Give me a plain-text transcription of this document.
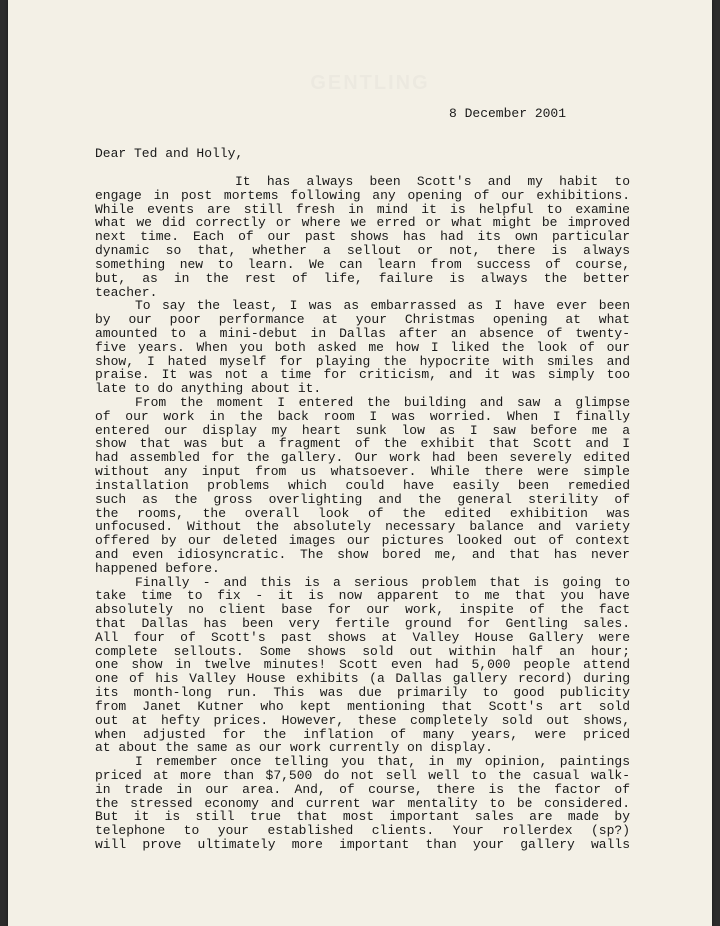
GENTLING
8 December 2001
Dear Ted and Holly,
It has always been Scott's and my habit to
engage in post mortems following any opening of our exhibitions.
While events are still fresh in mind it is helpful to examine
what we did correctly or where we erred or what might be improved
next time. Each of our past shows has had its own particular
dynamic so that, whether a sellout or not, there is always
something new to learn. We can learn from success of course,
but, as in the rest of life, failure is always the better
teacher.
To say the least, I was as embarrassed as I have ever been
by our poor performance at your Christmas opening at what
amounted to a mini-debut in Dallas after an absence of twenty-
five years. When you both asked me how I liked the look of our
show, I hated myself for playing the hypocrite with smiles and
praise. It was not a time for criticism, and it was simply too
late to do anything about it.
From the moment I entered the building and saw a glimpse
of our work in the back room I was worried. When I finally
entered our display my heart sunk low as I saw before me a
show that was but a fragment of the exhibit that Scott and I
had assembled for the gallery. Our work had been severely edited
without any input from us whatsoever. While there were simple
installation problems which could have easily been remedied
such as the gross overlighting and the general sterility of
the rooms, the overall look of the edited exhibition was
unfocused. Without the absolutely necessary balance and variety
offered by our deleted images our pictures looked out of context
and even idiosyncratic. The show bored me, and that has never
happened before.
Finally - and this is a serious problem that is going to
take time to fix - it is now apparent to me that you have
absolutely no client base for our work, inspite of the fact
that Dallas has been very fertile ground for Gentling sales.
All four of Scott's past shows at Valley House Gallery were
complete sellouts. Some shows sold out within half an hour;
one show in twelve minutes! Scott even had 5,000 people attend
one of his Valley House exhibits (a Dallas gallery record) during
its month-long run. This was due primarily to good publicity
from Janet Kutner who kept mentioning that Scott's art sold
out at hefty prices. However, these completely sold out shows,
when adjusted for the inflation of many years, were priced
at about the same as our work currently on display.
I remember once telling you that, in my opinion, paintings
priced at more than $7,500 do not sell well to the casual walk-
in trade in our area. And, of course, there is the factor of
the stressed economy and current war mentality to be considered.
But it is still true that most important sales are made by
telephone to your established clients. Your rollerdex (sp?)
will prove ultimately more important than your gallery walls
